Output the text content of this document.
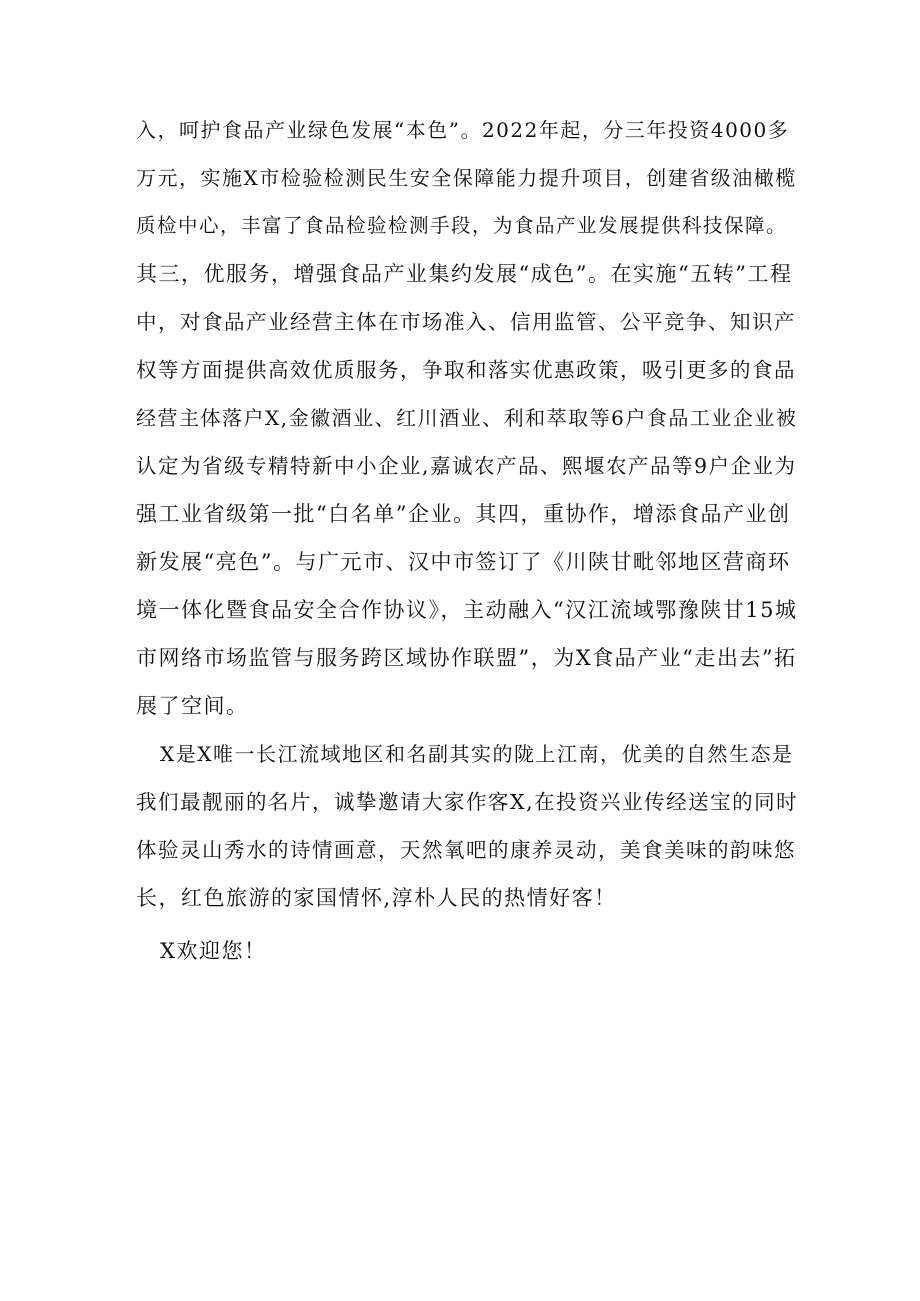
入，呵护食品产业绿色发展“本色”。2022年起，分三年投资4000多
万元，实施X市检验检测民生安全保障能力提升项目，创建省级油橄榄
质检中心，丰富了食品检验检测手段，为食品产业发展提供科技保障。
其三，优服务，增强食品产业集约发展“成色”。在实施“五转”工程
中，对食品产业经营主体在市场准入、信用监管、公平竞争、知识产
权等方面提供高效优质服务，争取和落实优惠政策，吸引更多的食品
经营主体落户X,金徽酒业、红川酒业、利和萃取等6户食品工业企业被
认定为省级专精特新中小企业,嘉诚农产品、熙堰农产品等9户企业为
强工业省级第一批“白名单”企业。其四，重协作，增添食品产业创
新发展“亮色”。与广元市、汉中市签订了《川陕甘毗邻地区营商环
境一体化暨食品安全合作协议》，主动融入“汉江流域鄂豫陕甘15城
市网络市场监管与服务跨区域协作联盟”，为X食品产业“走出去”拓
展了空间。
X是X唯一长江流域地区和名副其实的陇上江南，优美的自然生态是
我们最靓丽的名片，诚挚邀请大家作客X,在投资兴业传经送宝的同时
体验灵山秀水的诗情画意，天然氧吧的康养灵动，美食美味的韵味悠
长，红色旅游的家国情怀,淳朴人民的热情好客！
X欢迎您！
